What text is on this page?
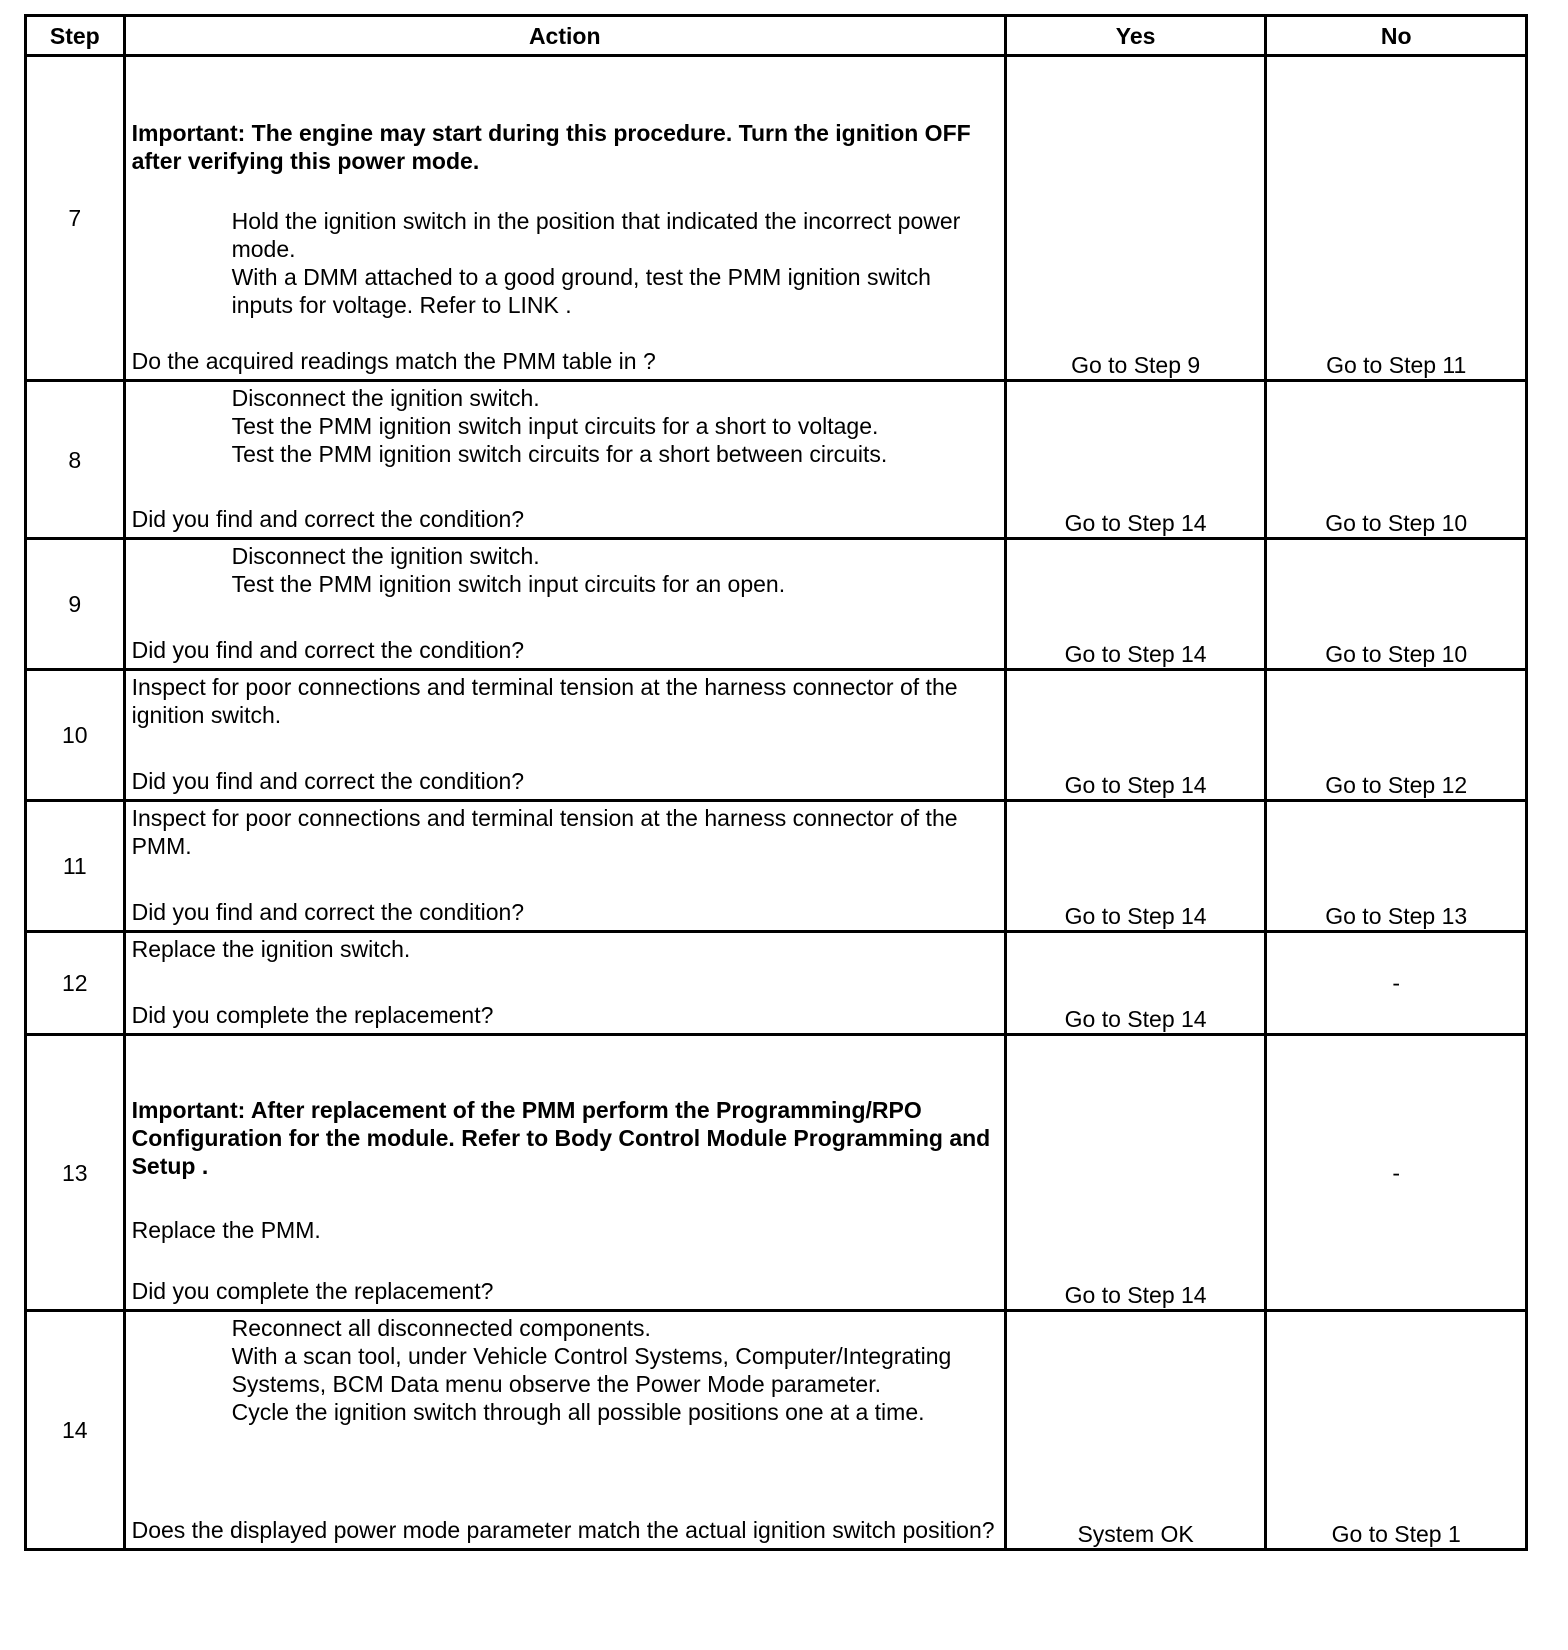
Step	Action	Yes	No
7	Important: The engine may start during this procedure. Turn the ignition OFF after verifying this power mode.
Hold the ignition switch in the position that indicated the incorrect power mode.
With a DMM attached to a good ground, test the PMM ignition switch inputs for voltage. Refer to LINK .
Do the acquired readings match the PMM table in ?	Go to Step 9	Go to Step 11
8	Disconnect the ignition switch.
Test the PMM ignition switch input circuits for a short to voltage.
Test the PMM ignition switch circuits for a short between circuits.
Did you find and correct the condition?	Go to Step 14	Go to Step 10
9	Disconnect the ignition switch.
Test the PMM ignition switch input circuits for an open.
Did you find and correct the condition?	Go to Step 14	Go to Step 10
10	Inspect for poor connections and terminal tension at the harness connector of the ignition switch.
Did you find and correct the condition?	Go to Step 14	Go to Step 12
11	Inspect for poor connections and terminal tension at the harness connector of the PMM.
Did you find and correct the condition?	Go to Step 14	Go to Step 13
12	Replace the ignition switch.
Did you complete the replacement?	Go to Step 14	-
13	Important: After replacement of the PMM perform the Programming/RPO Configuration for the module. Refer to Body Control Module Programming and Setup .
Replace the PMM.
Did you complete the replacement?	Go to Step 14	-
14	Reconnect all disconnected components.
With a scan tool, under Vehicle Control Systems, Computer/Integrating Systems, BCM Data menu observe the Power Mode parameter.
Cycle the ignition switch through all possible positions one at a time.
Does the displayed power mode parameter match the actual ignition switch position?	System OK	Go to Step 1
